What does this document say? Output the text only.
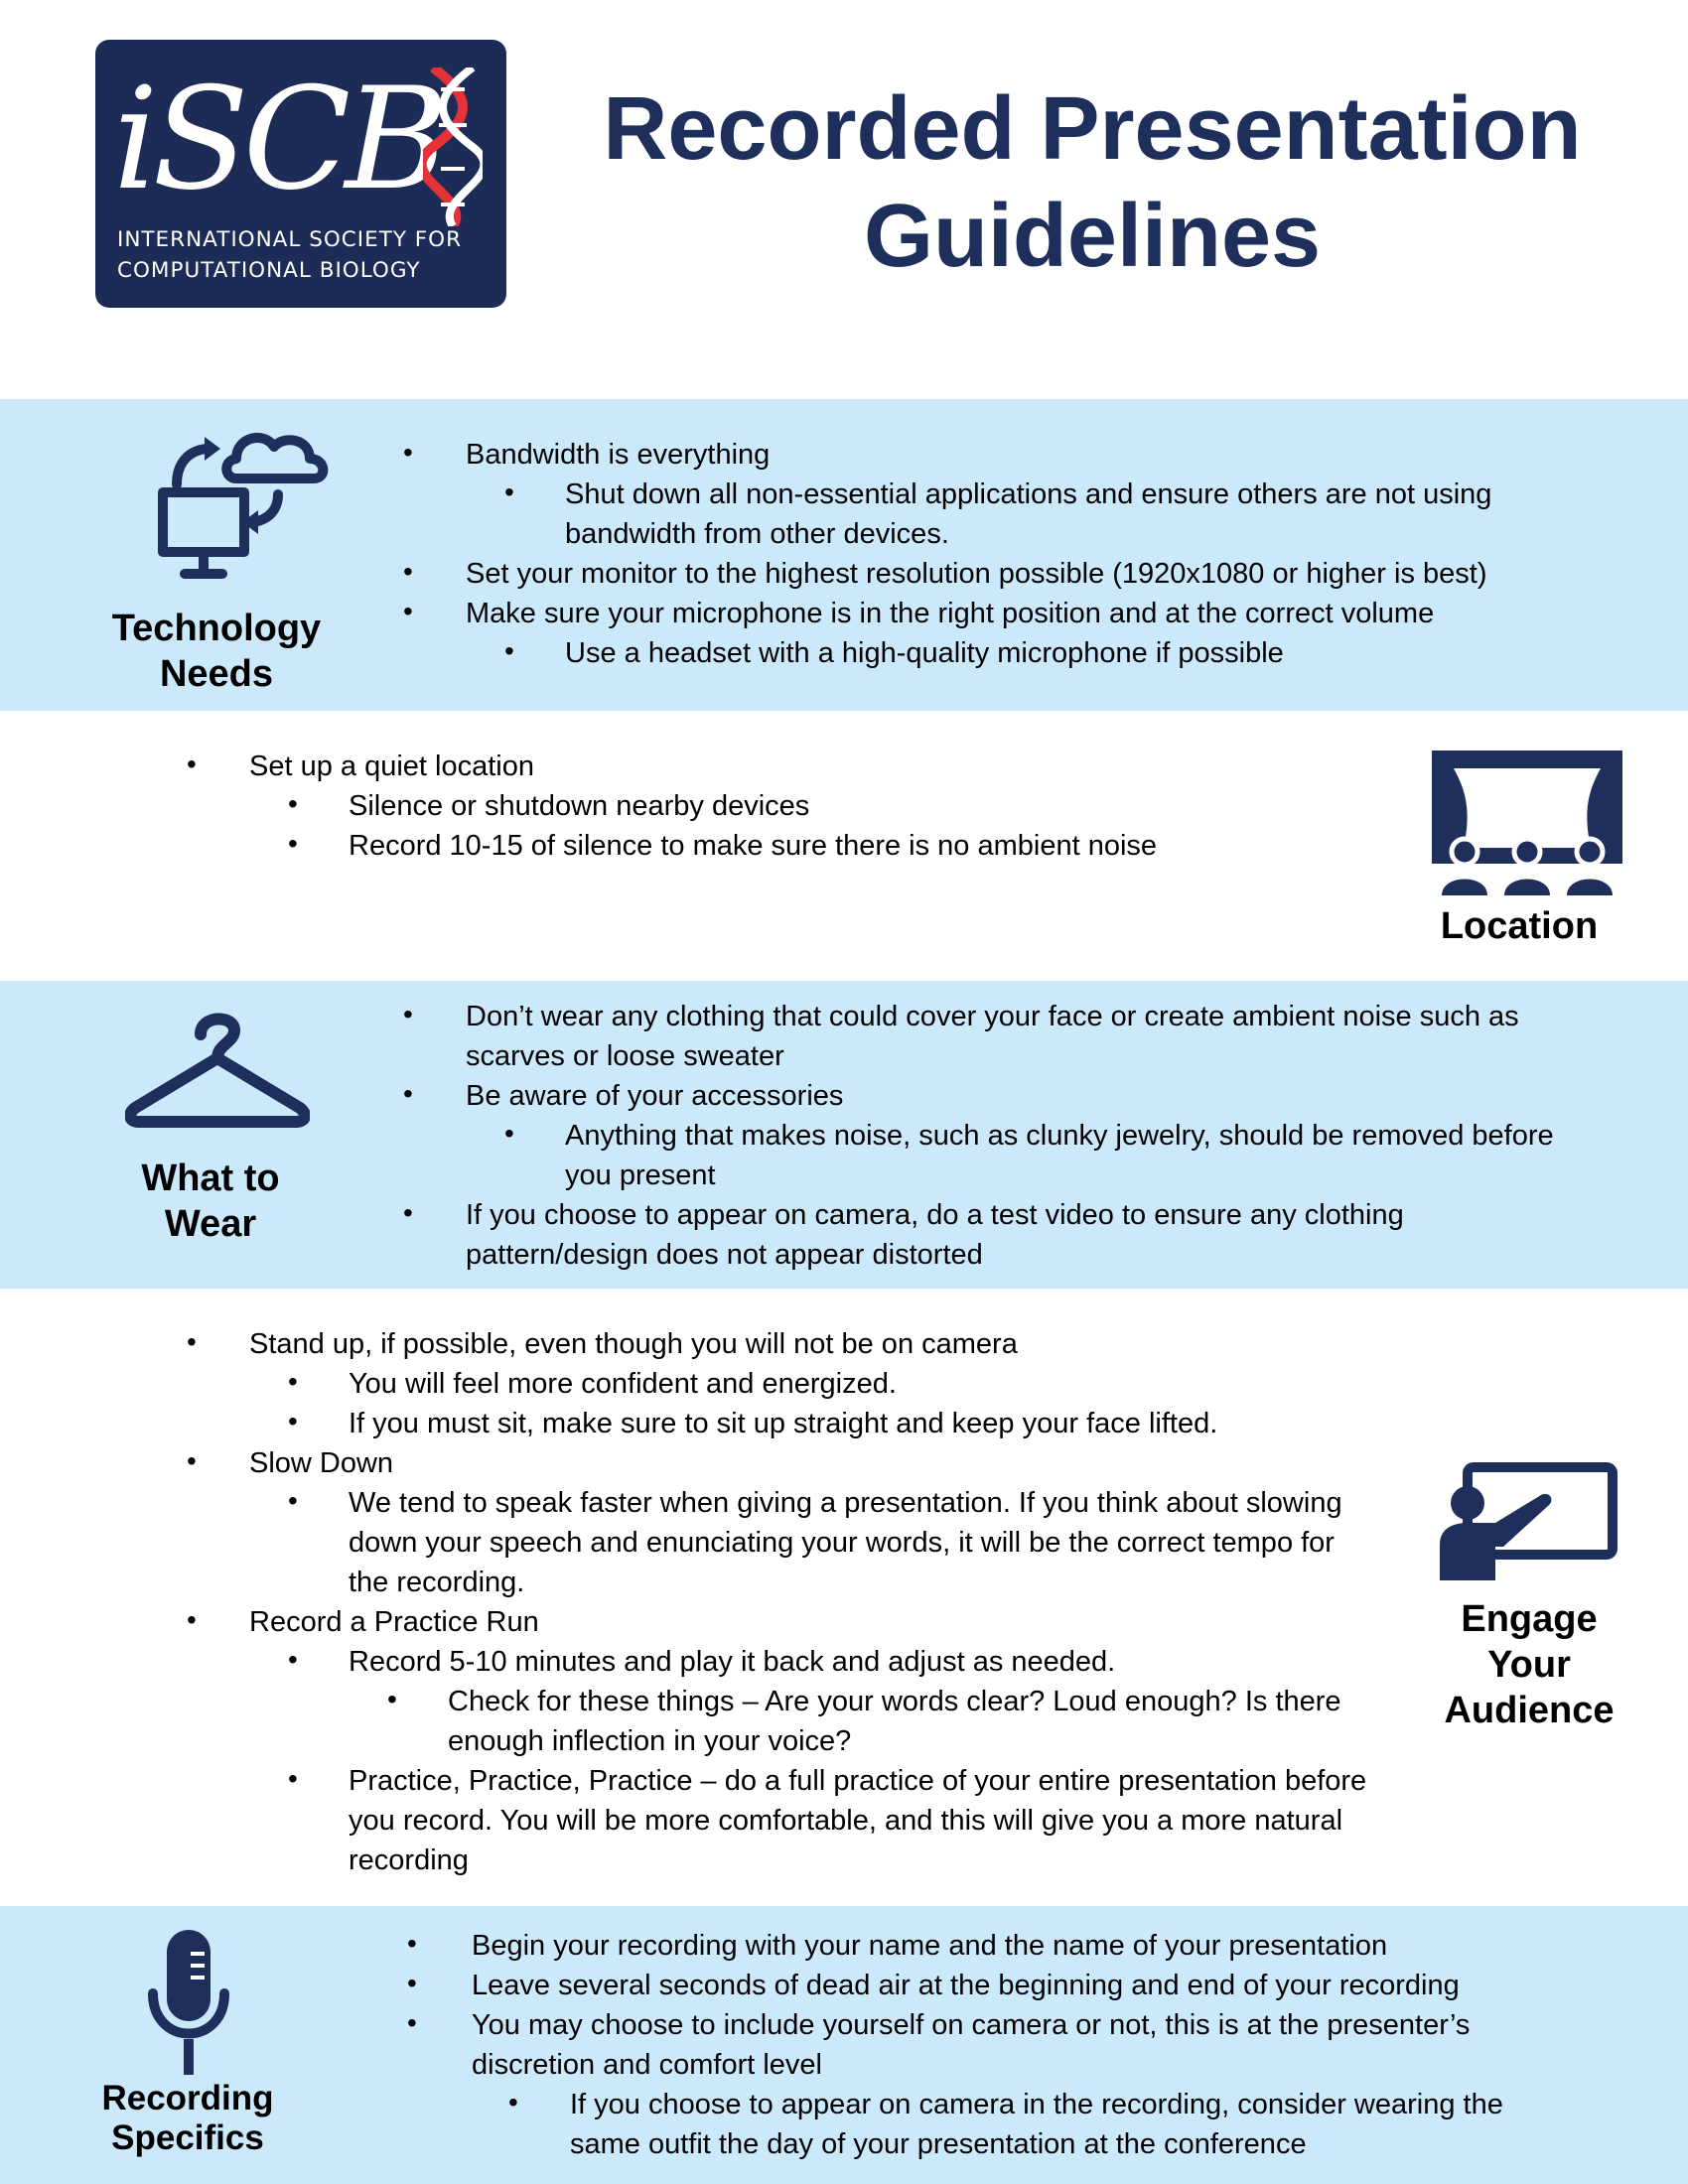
iSCB
INTERNATIONAL SOCIETY FOR
COMPUTATIONAL BIOLOGY
Recorded Presentation
Guidelines
Technology
Needs
• Bandwidth is everything
• Shut down all non-essential applications and ensure others are not using
bandwidth from other devices.
• Set your monitor to the highest resolution possible (1920x1080 or higher is best)
• Make sure your microphone is in the right position and at the correct volume
• Use a headset with a high-quality microphone if possible
• Set up a quiet location
• Silence or shutdown nearby devices
• Record 10-15 of silence to make sure there is no ambient noise
Location
What to
Wear
• Don’t wear any clothing that could cover your face or create ambient noise such as
scarves or loose sweater
• Be aware of your accessories
• Anything that makes noise, such as clunky jewelry, should be removed before
you present
• If you choose to appear on camera, do a test video to ensure any clothing
pattern/design does not appear distorted
• Stand up, if possible, even though you will not be on camera
• You will feel more confident and energized.
• If you must sit, make sure to sit up straight and keep your face lifted.
• Slow Down
• We tend to speak faster when giving a presentation. If you think about slowing
down your speech and enunciating your words, it will be the correct tempo for
the recording.
• Record a Practice Run
• Record 5-10 minutes and play it back and adjust as needed.
• Check for these things – Are your words clear? Loud enough? Is there
enough inflection in your voice?
• Practice, Practice, Practice – do a full practice of your entire presentation before
you record. You will be more comfortable, and this will give you a more natural
recording
Engage
Your
Audience
Recording
Specifics
• Begin your recording with your name and the name of your presentation
• Leave several seconds of dead air at the beginning and end of your recording
• You may choose to include yourself on camera or not, this is at the presenter’s
discretion and comfort level
• If you choose to appear on camera in the recording, consider wearing the
same outfit the day of your presentation at the conference
